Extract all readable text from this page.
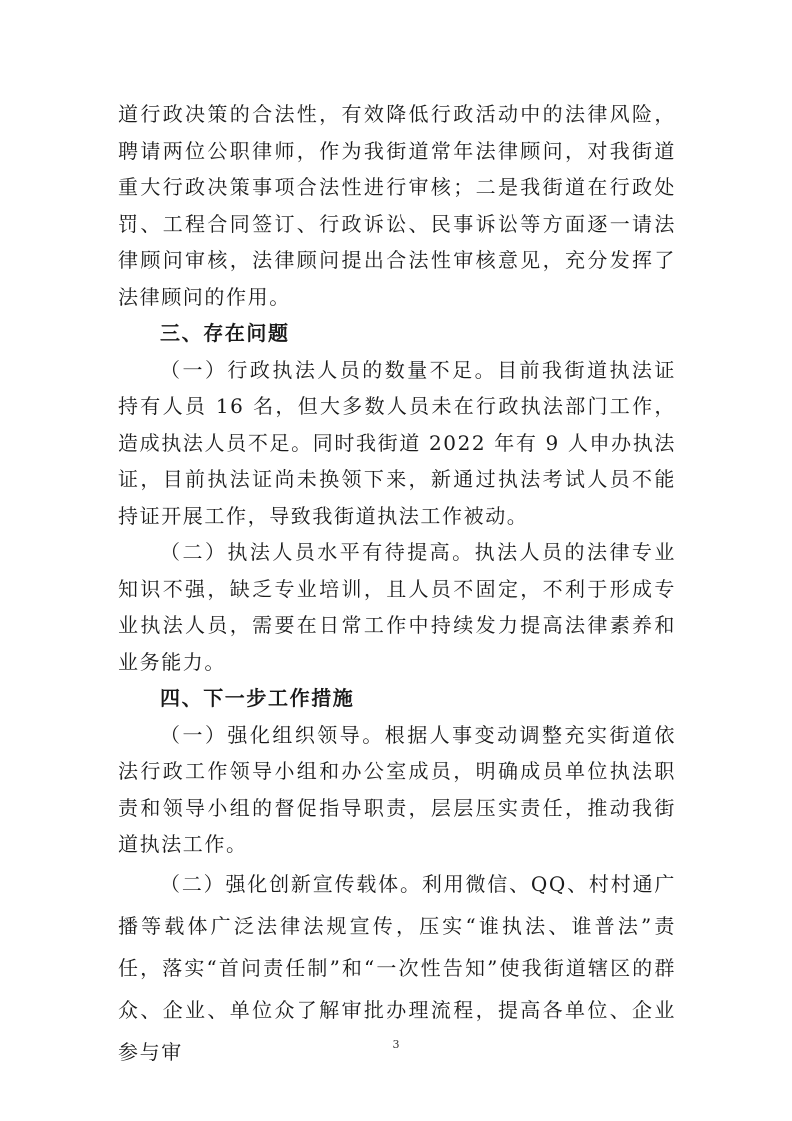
道行政决策的合法性，有效降低行政活动中的法律风险，聘请两位公职律师，作为我街道常年法律顾问，对我街道重大行政决策事项合法性进行审核；二是我街道在行政处罚、工程合同签订、行政诉讼、民事诉讼等方面逐一请法律顾问审核，法律顾问提出合法性审核意见，充分发挥了法律顾问的作用。

三、存在问题

（一）行政执法人员的数量不足。目前我街道执法证持有人员 16 名，但大多数人员未在行政执法部门工作，造成执法人员不足。同时我街道 2022 年有 9 人申办执法证，目前执法证尚未换领下来，新通过执法考试人员不能持证开展工作，导致我街道执法工作被动。

（二）执法人员水平有待提高。执法人员的法律专业知识不强，缺乏专业培训，且人员不固定，不利于形成专业执法人员，需要在日常工作中持续发力提高法律素养和业务能力。

四、下一步工作措施

（一）强化组织领导。根据人事变动调整充实街道依法行政工作领导小组和办公室成员，明确成员单位执法职责和领导小组的督促指导职责，层层压实责任，推动我街道执法工作。

（二）强化创新宣传载体。利用微信、QQ、村村通广播等载体广泛法律法规宣传，压实“谁执法、谁普法”责任，落实“首问责任制”和“一次性告知”使我街道辖区的群众、企业、单位众了解审批办理流程，提高各单位、企业参与审	3
